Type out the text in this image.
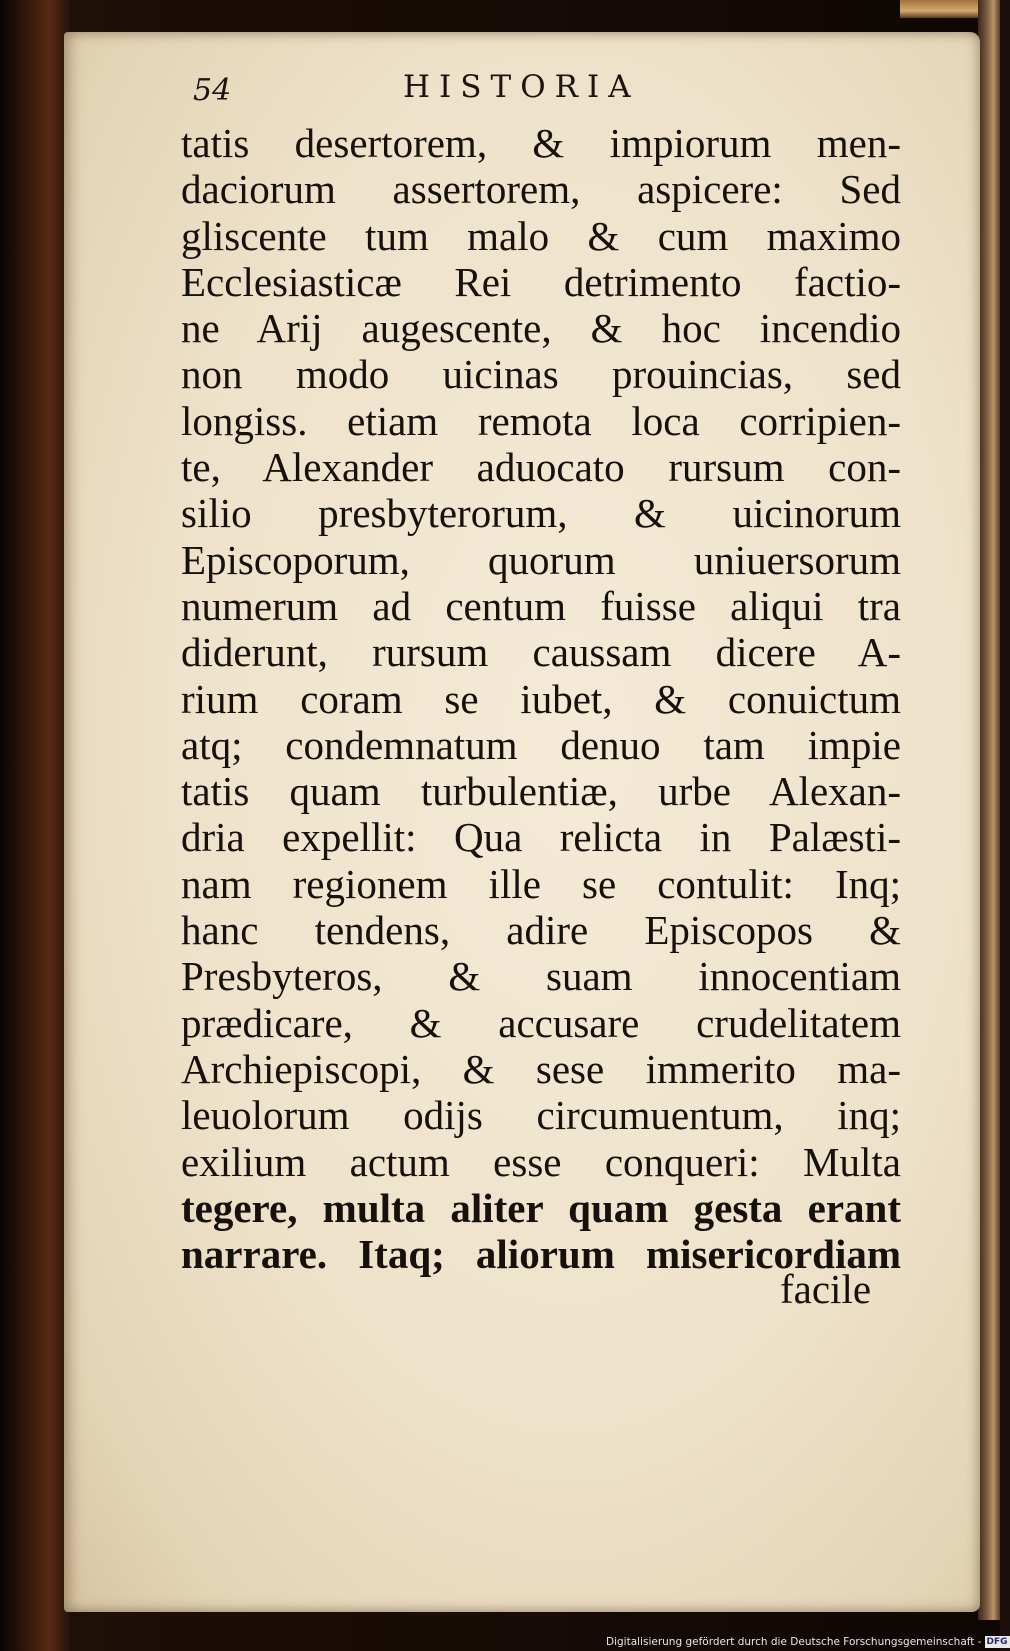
54	HISTORIA
tatis desertorem, & impiorum men-
daciorum assertorem, aspicere: Sed
gliscente tum malo & cum maximo
Ecclesiasticæ Rei detrimento factio-
ne Arij augescente, & hoc incendio
non modo uicinas prouincias, sed
longiss. etiam remota loca corripien-
te, Alexander aduocato rursum con-
silio presbyterorum, & uicinorum
Episcoporum, quorum uniuersorum
numerum ad centum fuisse aliqui tra
diderunt, rursum caussam dicere A-
rium coram se iubet, & conuictum
atq; condemnatum denuo tam impie
tatis quam turbulentiæ, urbe Alexan-
dria expellit: Qua relicta in Palæsti-
nam regionem ille se contulit: Inq;
hanc tendens, adire Episcopos &
Presbyteros, & suam innocentiam
prædicare, & accusare crudelitatem
Archiepiscopi, & sese immerito ma-
leuolorum odijs circumuentum, inq;
exilium actum esse conqueri: Multa
tegere, multa aliter quam gesta erant
narrare. Itaq; aliorum misericordiam
facile
Digitalisierung gefördert durch die Deutsche Forschungsgemeinschaft - DFG
